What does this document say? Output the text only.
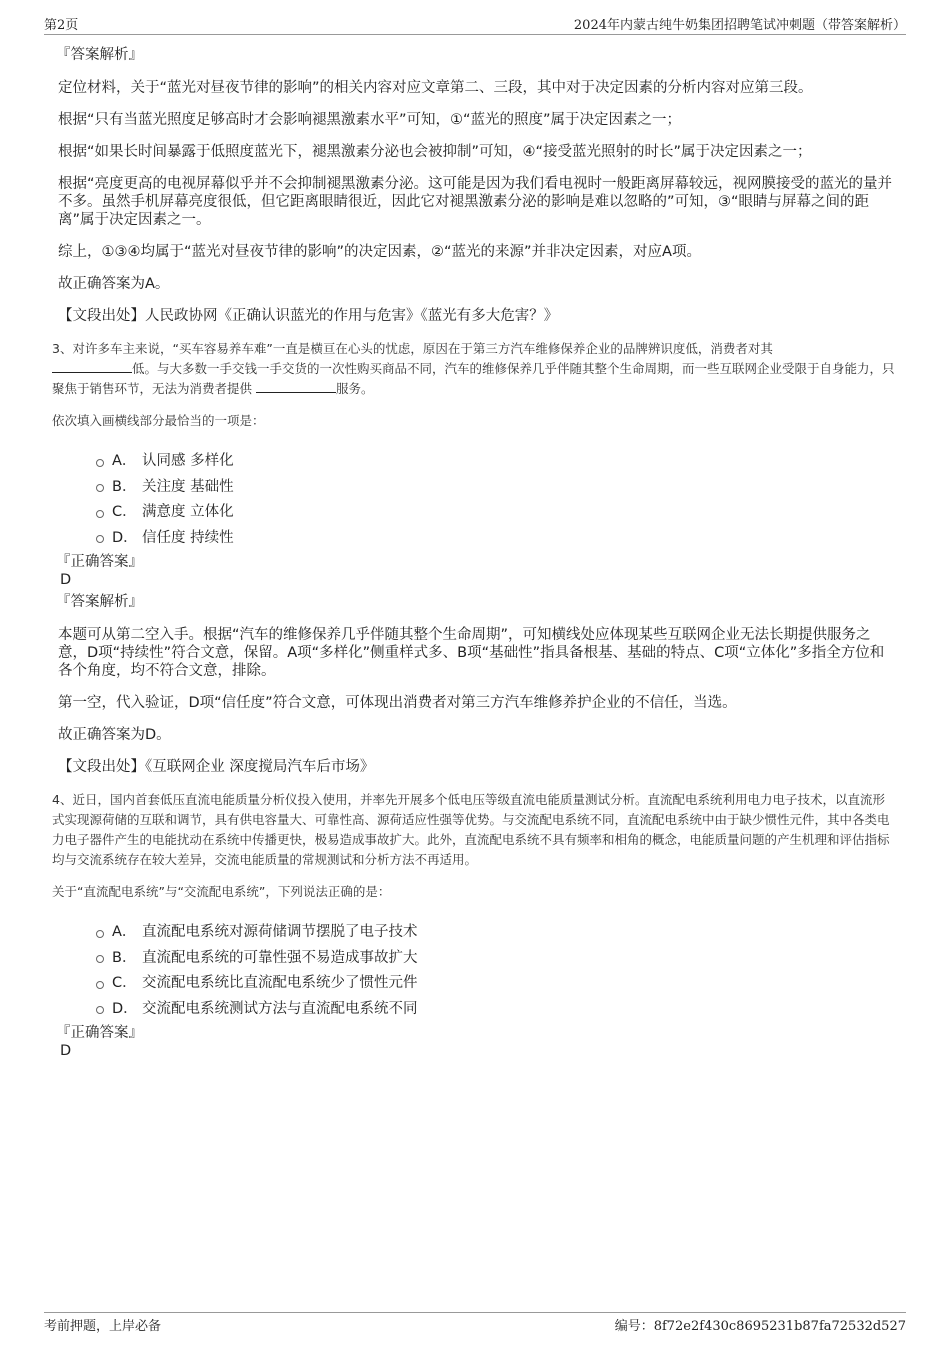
第2页	2024年内蒙古纯牛奶集团招聘笔试冲刺题（带答案解析）
『答案解析』
定位材料，关于“蓝光对昼夜节律的影响”的相关内容对应文章第二、三段，其中对于决定因素的分析内容对应第三段。
根据“只有当蓝光照度足够高时才会影响褪黑激素水平”可知，①“蓝光的照度”属于决定因素之一；
根据“如果长时间暴露于低照度蓝光下，褪黑激素分泌也会被抑制”可知，④“接受蓝光照射的时长”属于决定因素之一；
根据“亮度更高的电视屏幕似乎并不会抑制褪黑激素分泌。这可能是因为我们看电视时一般距离屏幕较远，视网膜接受的蓝光的量并不多。虽然手机屏幕亮度很低，但它距离眼睛很近，因此它对褪黑激素分泌的影响是难以忽略的”可知，③“眼睛与屏幕之间的距离”属于决定因素之一。
综上，①③④均属于“蓝光对昼夜节律的影响”的决定因素，②“蓝光的来源”并非决定因素，对应A项。
故正确答案为A。
【文段出处】人民政协网《正确认识蓝光的作用与危害》《蓝光有多大危害？》
3、对许多车主来说，“买车容易养车难”一直是横亘在心头的忧虑，原因在于第三方汽车维修保养企业的品牌辨识度低，消费者对其
低。与大多数一手交钱一手交货的一次性购买商品不同，汽车的维修保养几乎伴随其整个生命周期，而一些互联网企业受限于自身能力，只聚焦于销售环节，无法为消费者提供	服务。
依次填入画横线部分最恰当的一项是：
A． 认同感 多样化
B． 关注度 基础性
C． 满意度 立体化
D． 信任度 持续性
『正确答案』
D
『答案解析』
本题可从第二空入手。根据“汽车的维修保养几乎伴随其整个生命周期”，可知横线处应体现某些互联网企业无法长期提供服务之意，D项“持续性”符合文意，保留。A项“多样化”侧重样式多、B项“基础性”指具备根基、基础的特点、C项“立体化”多指全方位和各个角度，均不符合文意，排除。
第一空，代入验证，D项“信任度”符合文意，可体现出消费者对第三方汽车维修养护企业的不信任，当选。
故正确答案为D。
【文段出处】《互联网企业 深度搅局汽车后市场》
4、近日，国内首套低压直流电能质量分析仪投入使用，并率先开展多个低电压等级直流电能质量测试分析。直流配电系统利用电力电子技术，以直流形式实现源荷储的互联和调节，具有供电容量大、可靠性高、源荷适应性强等优势。与交流配电系统不同，直流配电系统中由于缺少惯性元件，其中各类电力电子器件产生的电能扰动在系统中传播更快，极易造成事故扩大。此外，直流配电系统不具有频率和相角的概念，电能质量问题的产生机理和评估指标均与交流系统存在较大差异，交流电能质量的常规测试和分析方法不再适用。
关于“直流配电系统”与“交流配电系统”，下列说法正确的是：
A． 直流配电系统对源荷储调节摆脱了电子技术
B． 直流配电系统的可靠性强不易造成事故扩大
C． 交流配电系统比直流配电系统少了惯性元件
D． 交流配电系统测试方法与直流配电系统不同
『正确答案』
D
考前押题，上岸必备	编号：8f72e2f430c8695231b87fa72532d527
